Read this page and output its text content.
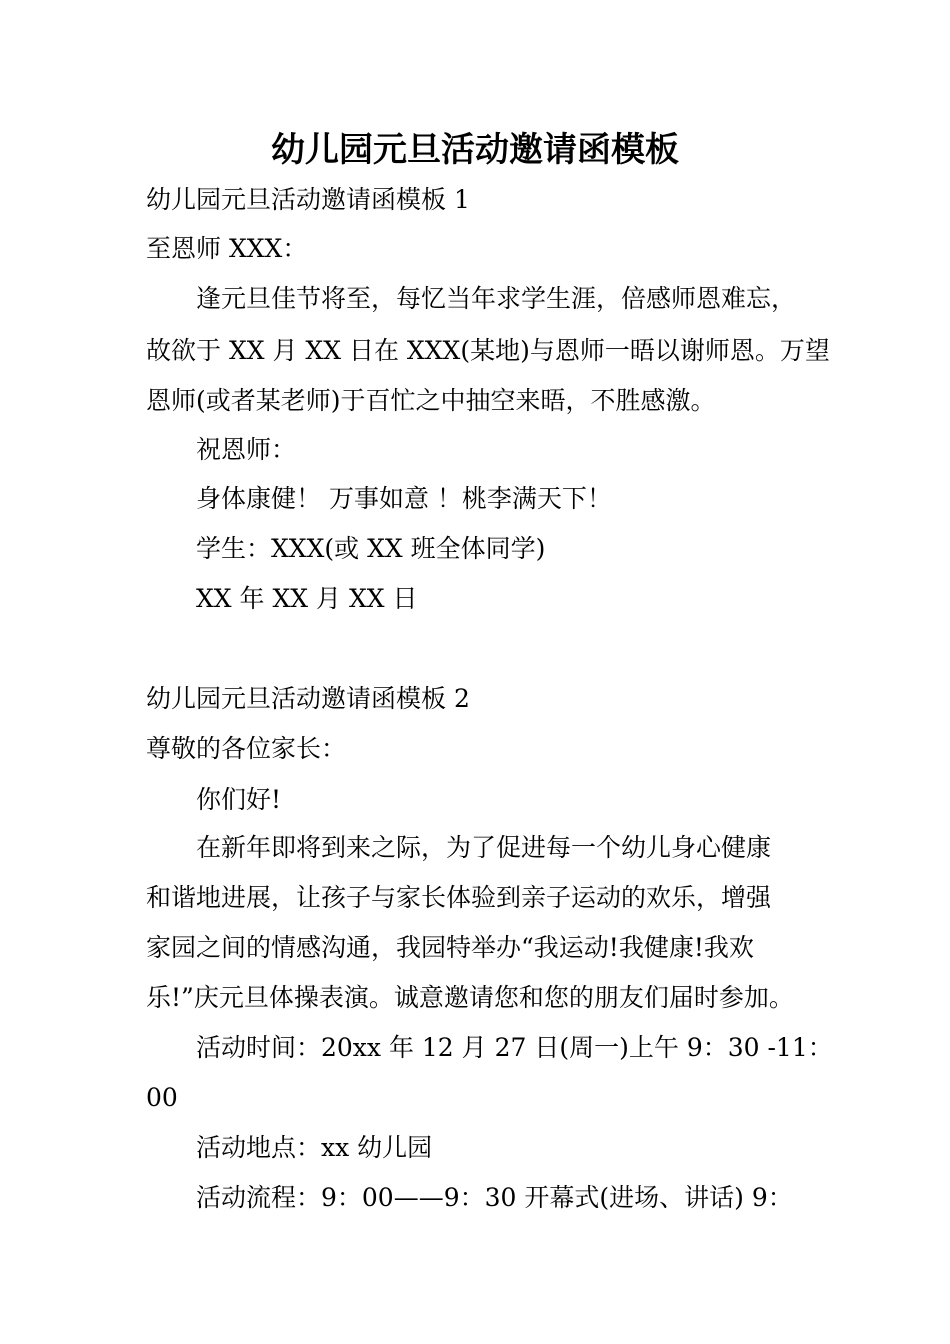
幼儿园元旦活动邀请函模板
幼儿园元旦活动邀请函模板 1
至恩师 XXX：
逢元旦佳节将至，每忆当年求学生涯，倍感师恩难忘，
故欲于 XX 月 XX 日在 XXX(某地)与恩师一晤以谢师恩。万望
恩师(或者某老师)于百忙之中抽空来晤，不胜感激。
祝恩师：
身体康健！ 万事如意 ！桃李满天下！
学生：XXX(或 XX 班全体同学)
XX 年 XX 月 XX 日
幼儿园元旦活动邀请函模板 2
尊敬的各位家长：
你们好!
在新年即将到来之际，为了促进每一个幼儿身心健康
和谐地进展，让孩子与家长体验到亲子运动的欢乐，增强
家园之间的情感沟通，我园特举办“我运动!我健康!我欢
乐!”庆元旦体操表演。诚意邀请您和您的朋友们届时参加。
活动时间：20xx 年 12 月 27 日(周一)上午 9：30 -11：
00
活动地点：xx 幼儿园
活动流程：9：00——9：30 开幕式(进场、讲话) 9：
